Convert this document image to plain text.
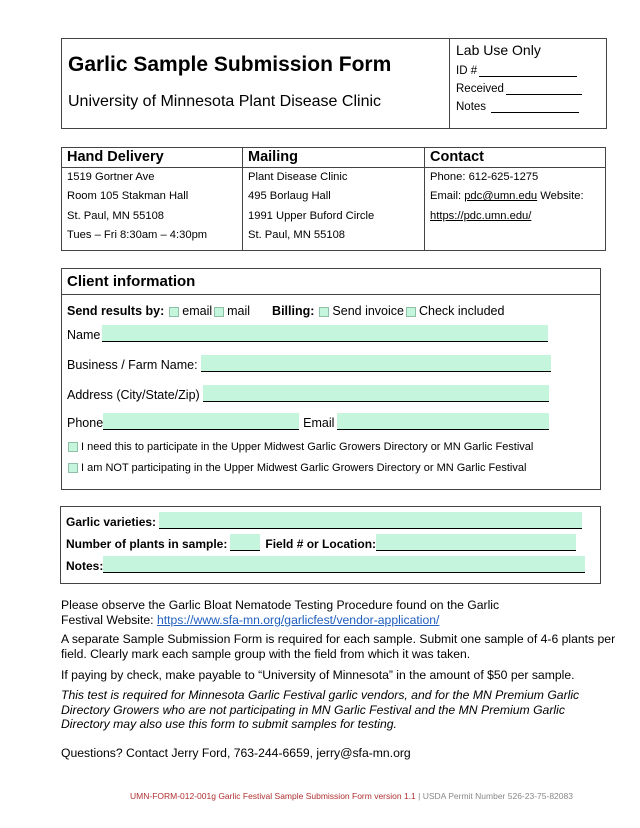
Garlic Sample Submission Form
University of Minnesota Plant Disease Clinic
Lab Use Only
ID #
Received
Notes
Hand Delivery
1519 Gortner Ave
Room 105 Stakman Hall
St. Paul, MN 55108
Tues – Fri 8:30am – 4:30pm
Mailing
Plant Disease Clinic
495 Borlaug Hall
1991 Upper Buford Circle
St. Paul, MN 55108
Contact
Phone: 612-625-1275
Email: pdc@umn.edu Website:
https://pdc.umn.edu/
Client information
Send results by: email mail Billing: Send invoice Check included
Name
Business / Farm Name:
Address (City/State/Zip)
Phone	Email
I need this to participate in the Upper Midwest Garlic Growers Directory or MN Garlic Festival
I am NOT participating in the Upper Midwest Garlic Growers Directory or MN Garlic Festival
Garlic varieties:
Number of plants in sample:	Field # or Location:
Notes:
Please observe the Garlic Bloat Nematode Testing Procedure found on the Garlic Festival Website: https://www.sfa-mn.org/garlicfest/vendor-application/
A separate Sample Submission Form is required for each sample. Submit one sample of 4-6 plants per field. Clearly mark each sample group with the field from which it was taken.
If paying by check, make payable to “University of Minnesota” in the amount of $50 per sample.
This test is required for Minnesota Garlic Festival garlic vendors, and for the MN Premium Garlic Directory Growers who are not participating in MN Garlic Festival and the MN Premium Garlic Directory may also use this form to submit samples for testing.
Questions? Contact Jerry Ford, 763-244-6659, jerry@sfa-mn.org
UMN-FORM-012-001g Garlic Festival Sample Submission Form version 1.1 | USDA Permit Number 526-23-75-82083
